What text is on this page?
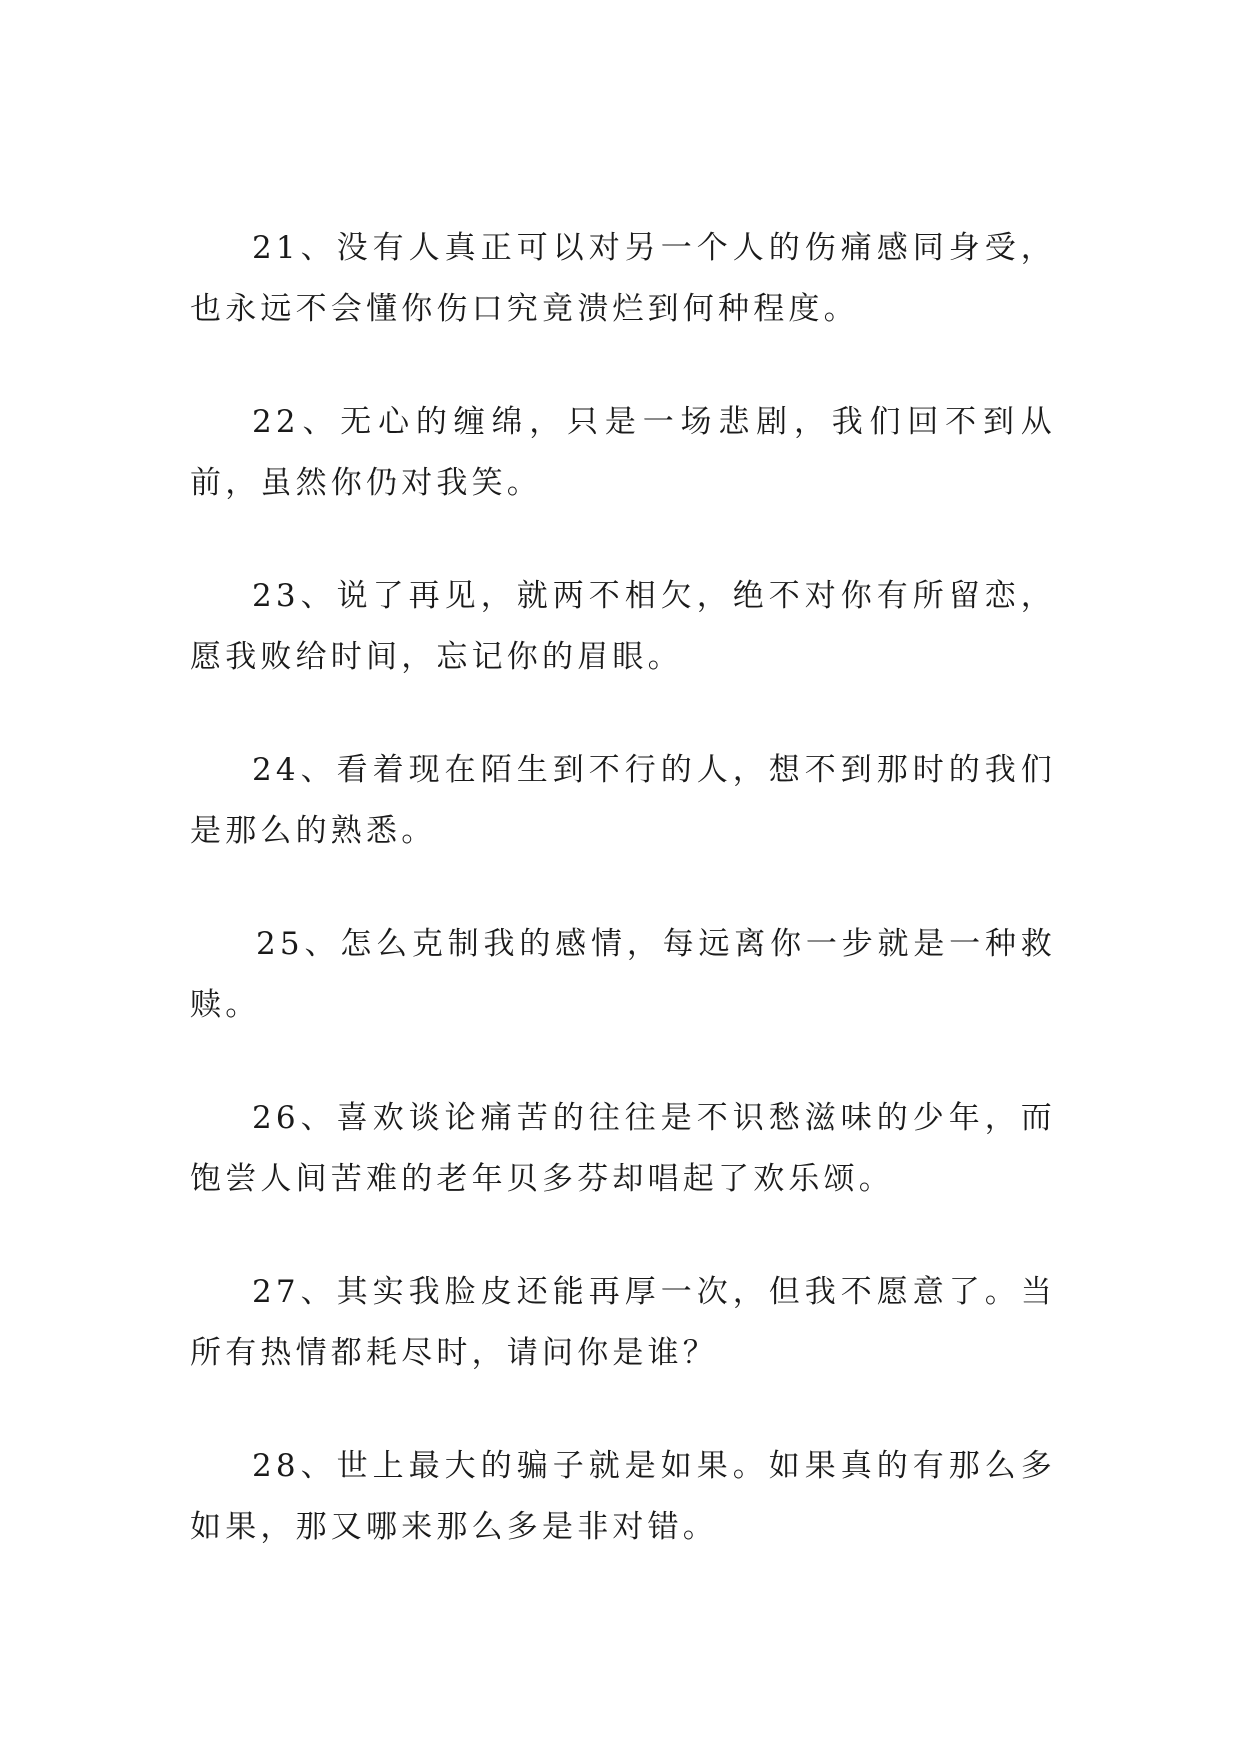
21、没有人真正可以对另一个人的伤痛感同身受，也永远不会懂你伤口究竟溃烂到何种程度。

22、无心的缠绵，只是一场悲剧，我们回不到从前，虽然你仍对我笑。

23、说了再见，就两不相欠，绝不对你有所留恋，愿我败给时间，忘记你的眉眼。

24、看着现在陌生到不行的人，想不到那时的我们是那么的熟悉。

25、怎么克制我的感情，每远离你一步就是一种救赎。

26、喜欢谈论痛苦的往往是不识愁滋味的少年，而饱尝人间苦难的老年贝多芬却唱起了欢乐颂。

27、其实我脸皮还能再厚一次，但我不愿意了。当所有热情都耗尽时，请问你是谁？

28、世上最大的骗子就是如果。如果真的有那么多如果，那又哪来那么多是非对错。
